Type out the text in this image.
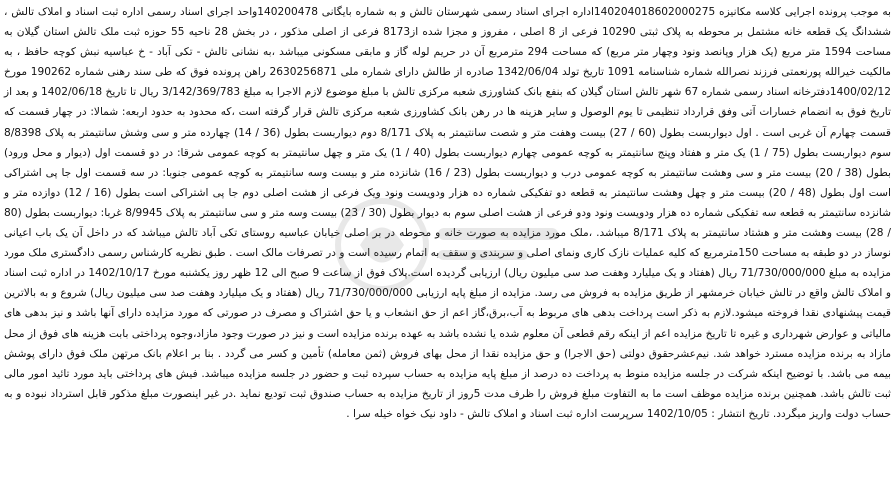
به موجب پرونده اجرایی کلاسه مکانیزه 140204018602000275اداره اجرای اسناد رسمی شهرستان تالش و به شماره بایگانی 140200478واحد اجرای اسناد رسمی اداره ثبت اسناد و املاک تالش ، ششدانگ یک قطعه خانه مشتمل بر محوطه به پلاک ثبتی 10290 فرعی از 8 اصلی ، مفروز و مجزا شده از8173 فرعی از اصلی مذکور ، در بخش 28 ناحیه 55 حوزه ثبت ملک تالش استان گیلان به مساحت 1594 متر مربع (یک هزار وپانصد ونود وچهار متر مربع) که مساحت 294 مترمربع آن در حریم لوله گاز و مابقی مسکونی میباشد ،به نشانی تالش - تکی آباد - خ عباسیه نبش کوچه حافظ ، به مالکیت خیرالله پورنعمتی فرزند نصرالله شماره شناسنامه 1091 تاریخ تولد 1342/06/04 صادره از طالش دارای شماره ملی 2630256871 راهن پرونده فوق که طی سند رهنی شماره 190262 مورخ 1400/02/12دفترخانه اسناد رسمی شماره 67 شهر تالش استان گیلان که بنفع بانک کشاورزی شعبه مرکزی تالش با مبلغ موضوع لازم الاجرا به مبلغ 3/142/369/783 ریال تا تاریخ 1402/06/18 و بعد از تاریخ فوق به انضمام خسارات آتی وفق قرارداد تنظیمی تا یوم الوصول و سایر هزینه ها در رهن بانک کشاورزی شعبه مرکزی تالش قرار گرفته است ،که محدود به حدود اربعه: شمالا: در چهار قسمت که قسمت چهارم آن غربی است . اول دیواربست بطول (60 / 27) بیست وهفت متر و شصت سانتیمتر به پلاک 8/171 دوم دیواربست بطول (36 / 14) چهارده متر و سی وشش سانتیمتر به پلاک 8/8398 سوم دیواربست بطول (75 / 1) یک متر و هفتاد وپنج سانتیمتر به کوچه عمومی چهارم دیواربست بطول (40 / 1) یک متر و چهل سانتیمتر به کوچه عمومی شرقا: در دو قسمت اول (دیوار و محل ورود) بطول (38 / 20) بیست متر و سی وهشت سانتیمتر به کوچه عمومی درب و دیواربست بطول (23 / 16) شانزده متر و بیست وسه سانتیمتر به کوچه عمومی جنوبا: در سه قسمت اول جا پی اشتراکی است اول بطول (48 / 20) بیست متر و چهل وهشت سانتیمتر به قطعه دو تفکیکی شماره ده هزار ودویست ونود ویک فرعی از هشت اصلی دوم جا پی اشتراکی است بطول (16 / 12) دوازده متر و شانزده سانتیمتر به قطعه سه تفکیکی شماره ده هزار ودویست ونود ودو فرعی از هشت اصلی سوم به دیوار بطول (30 / 23) بیست وسه متر و سی سانتیمتر به پلاک 8/9945 غربا: دیواربست بطول (80 / 28) بیست وهشت متر و هشتاد سانتیمتر به پلاک 8/171 میباشد. ،ملک مورد مزایده به صورت خانه و محوطه در بر اصلی خیابان عباسیه روستای تکی آباد تالش میباشد که در داخل آن یک باب اعیانی نوساز در دو طبقه به مساحت 150مترمربع که کلیه عملیات نازک کاری ونمای اصلی و سربندی و سقف به اتمام رسیده است و در تصرفات مالک است . طبق نظریه کارشناس رسمی دادگستری ملک مورد مزایده به مبلغ 71/730/000/000 ریال (هفتاد و یک میلیارد وهفت صد سی میلیون ریال) ارزیابی گردیده است.پلاک فوق از ساعت 9 صبح الی 12 ظهر روز یکشنبه مورخ 1402/10/17 در اداره ثبت اسناد و املاک تالش واقع در تالش خیابان خرمشهر از طریق مزایده به فروش می رسد. مزایده از مبلغ پایه ارزیابی 71/730/000/000 ریال (هفتاد و یک میلیارد وهفت صد سی میلیون ریال) شروع و به بالاترین قیمت پیشنهادی نقدا فروخته میشود.لازم به ذکر است پرداخت بدهی های مربوط به آب،برق،گاز اعم از حق انشعاب و یا حق اشتراک و مصرف در صورتی که مورد مزایده دارای آنها باشد و نیز بدهی های مالیاتی و عوارض شهرداری و غیره تا تاریخ مزایده اعم از اینکه رقم قطعی آن معلوم شده یا نشده باشد به عهده برنده مزایده است و نیز در صورت وجود مازاد،وجوه پرداختی بابت هزینه های فوق از محل مازاد به برنده مزایده مسترد خواهد شد. نیم‌عشرحقوق دولتی (حق الاجرا) و حق مزایده نقدا از محل بهای فروش (ثمن معامله) تأمین و کسر می گردد . بنا بر اعلام بانک مرتهن ملک فوق دارای پوشش بیمه می باشد. با توضیح اینکه شرکت در جلسه مزایده منوط به پرداخت ده درصد از مبلغ پایه مزایده به حساب سپرده ثبت و حضور در جلسه مزایده میباشد. فیش های پرداختی باید مورد تائید امور مالی ثبت تالش باشد. همچنین برنده مزایده موظف است ما به التفاوت مبلغ فروش را ظرف مدت 5روز از تاریخ مزایده به حساب صندوق ثبت تودیع نماید .در غیر اینصورت مبلغ مذکور قابل استرداد نبوده و به حساب دولت واریز میگردد. تاریخ انتشار : 1402/10/05 سرپرست اداره ثبت اسناد و املاک تالش - داود نیک خواه خیله سرا .
